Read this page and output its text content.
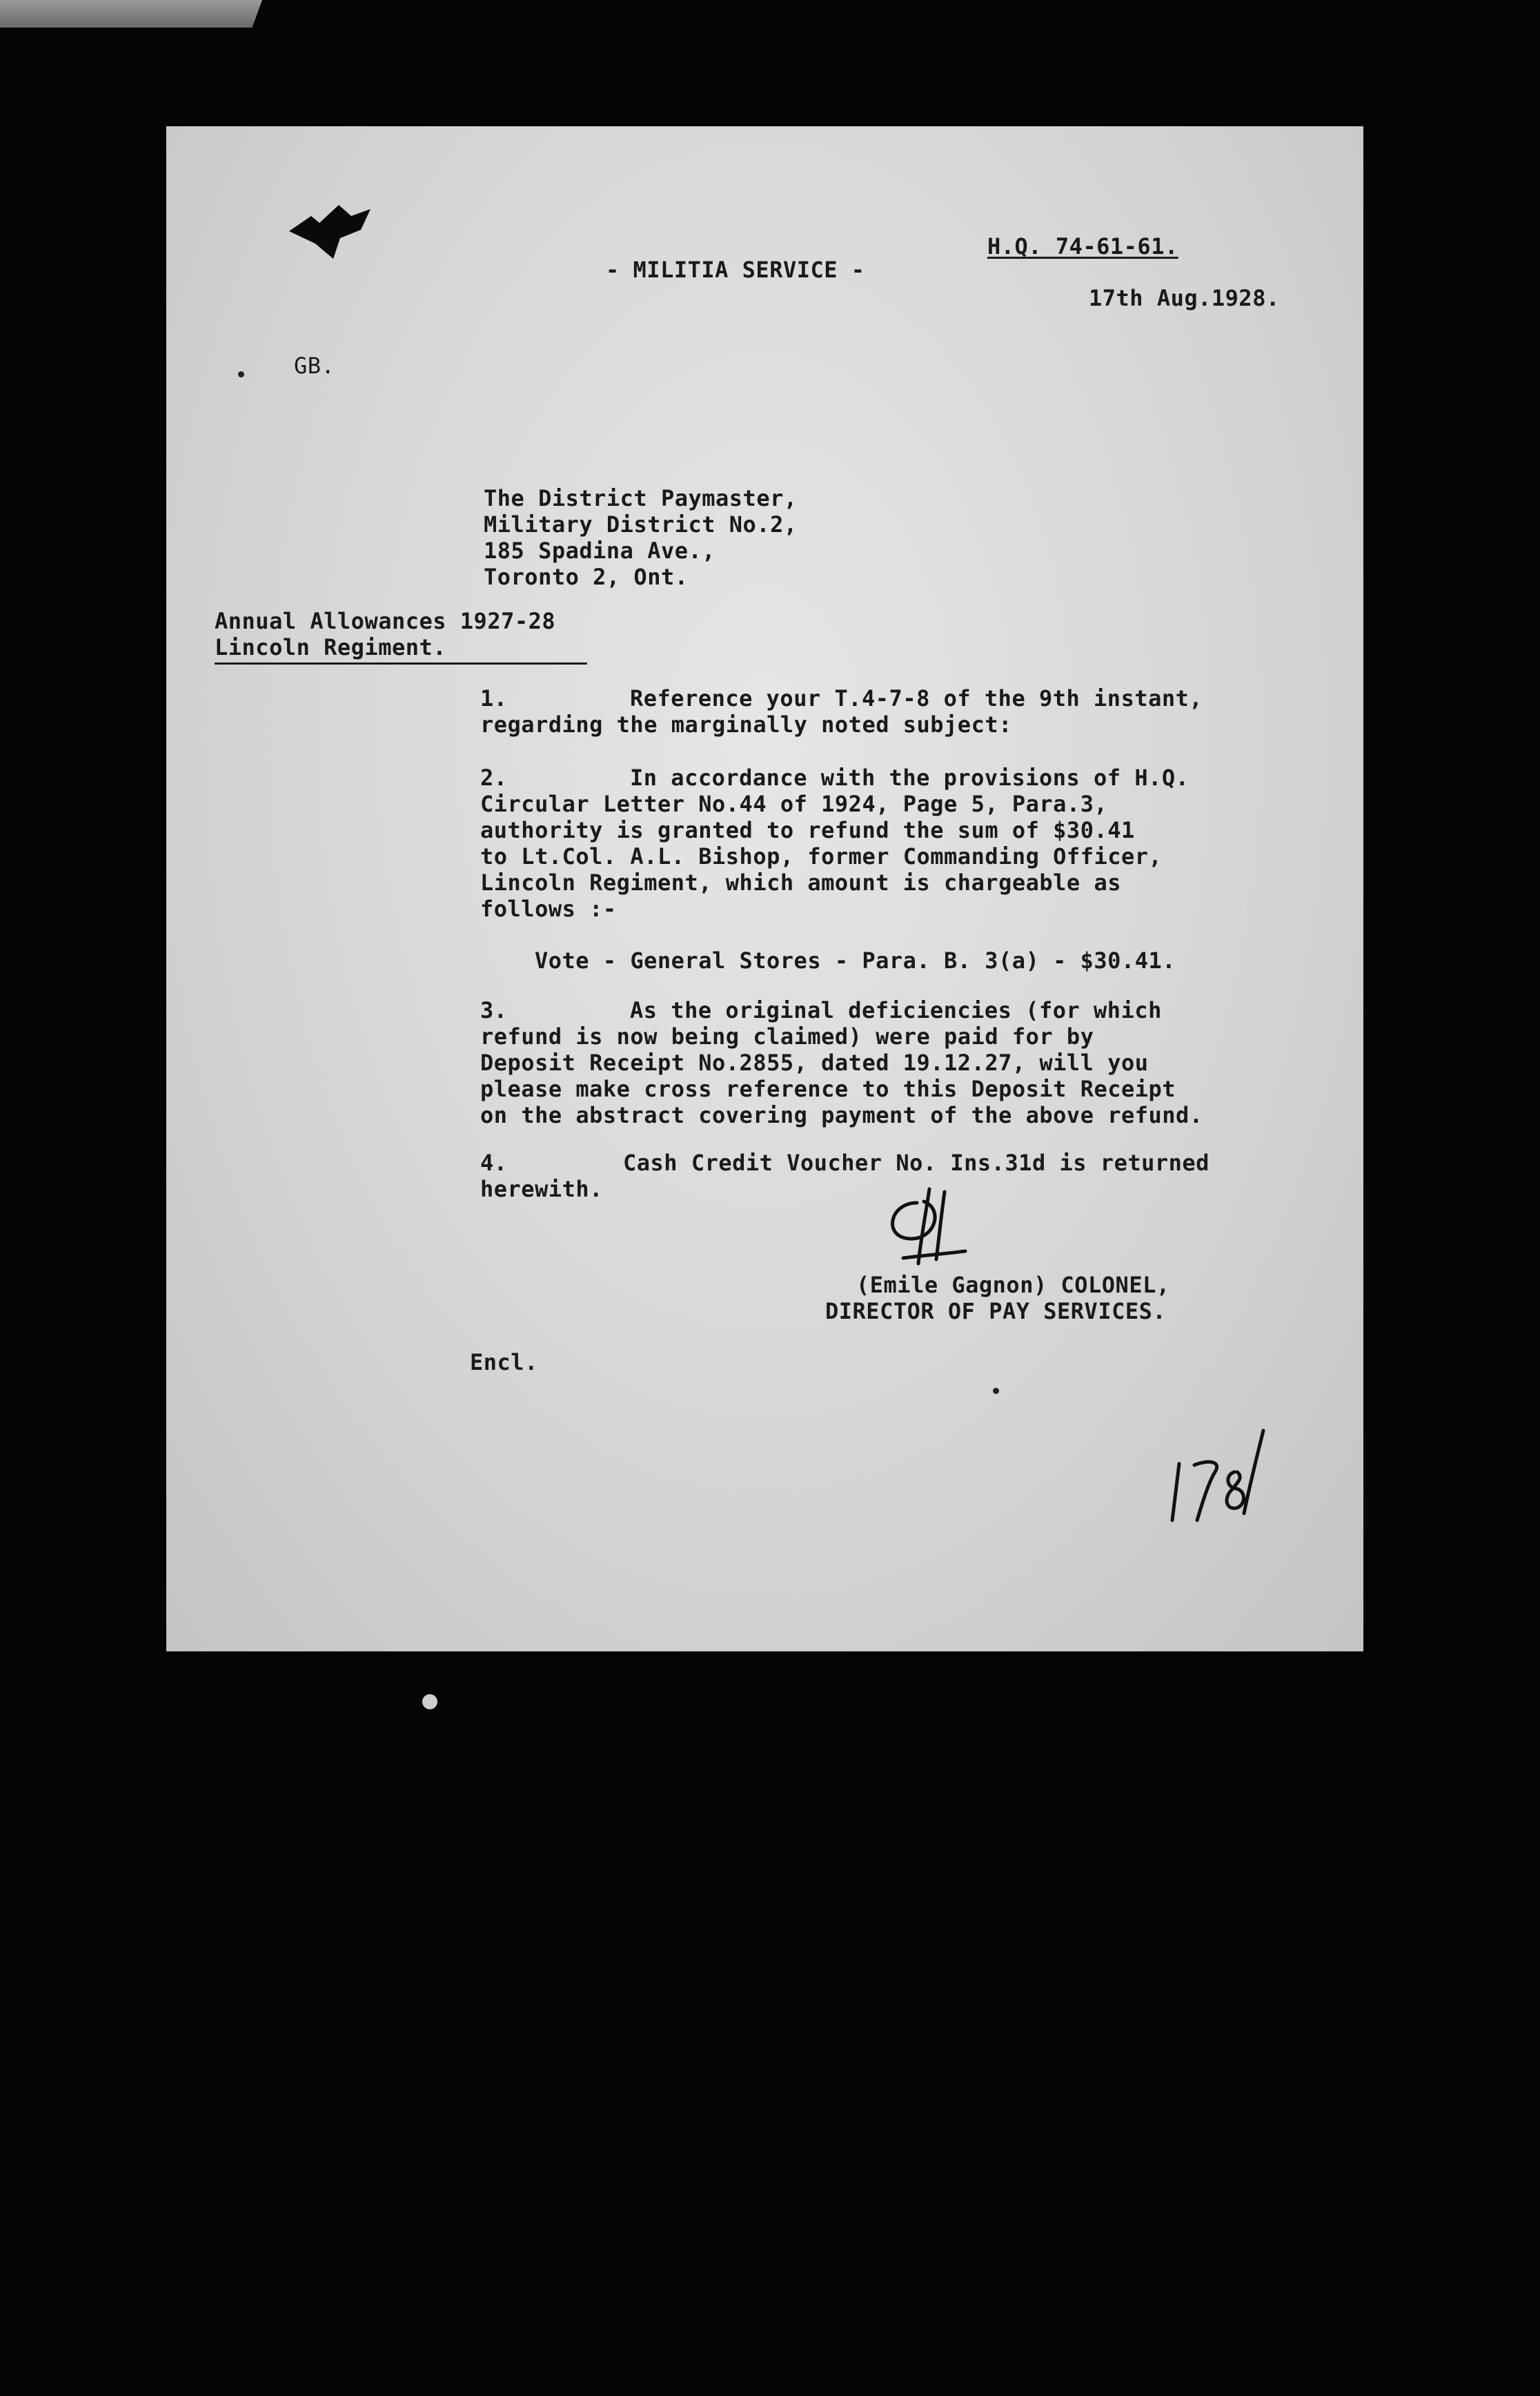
- MILITIA SERVICE -
H.Q. 74-61-61.
17th Aug.1928.
GB.
The District Paymaster,
Military District No.2,
185 Spadina Ave.,
Toronto 2, Ont.
Annual Allowances 1927-28
Lincoln Regiment.
1.	Reference your T.4-7-8 of the 9th instant,
regarding the marginally noted subject:
2.	In accordance with the provisions of H.Q.
Circular Letter No.44 of 1924, Page 5, Para.3,
authority is granted to refund the sum of $30.41
to Lt.Col. A.L. Bishop, former Commanding Officer,
Lincoln Regiment, which amount is chargeable as
follows :-
Vote - General Stores - Para. B. 3(a) - $30.41.
3.	As the original deficiencies (for which
refund is now being claimed) were paid for by
Deposit Receipt No.2855, dated 19.12.27, will you
please make cross reference to this Deposit Receipt
on the abstract covering payment of the above refund.
4.	Cash Credit Voucher No. Ins.31d is returned
herewith.
(Emile Gagnon) COLONEL,
DIRECTOR OF PAY SERVICES.
Encl.
